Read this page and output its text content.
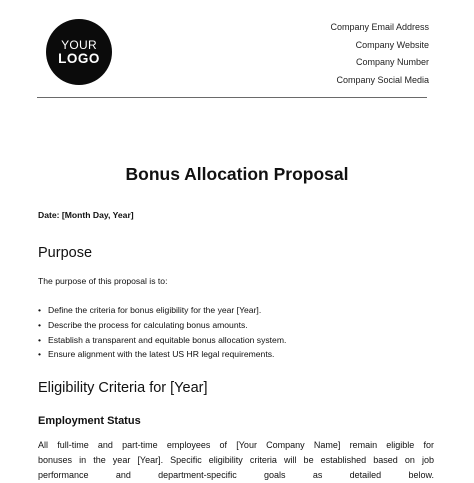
YOUR
LOGO
Company Email Address
Company Website
Company Number
Company Social Media
Bonus Allocation Proposal
Date: [Month Day, Year]
Purpose
The purpose of this proposal is to:
• Define the criteria for bonus eligibility for the year [Year].
• Describe the process for calculating bonus amounts.
• Establish a transparent and equitable bonus allocation system.
• Ensure alignment with the latest US HR legal requirements.
Eligibility Criteria for [Year]
Employment Status
All full-time and part-time employees of [Your Company Name] remain eligible for
bonuses in the year [Year]. Specific eligibility criteria will be established based on job
performance and department-specific goals as detailed below.
